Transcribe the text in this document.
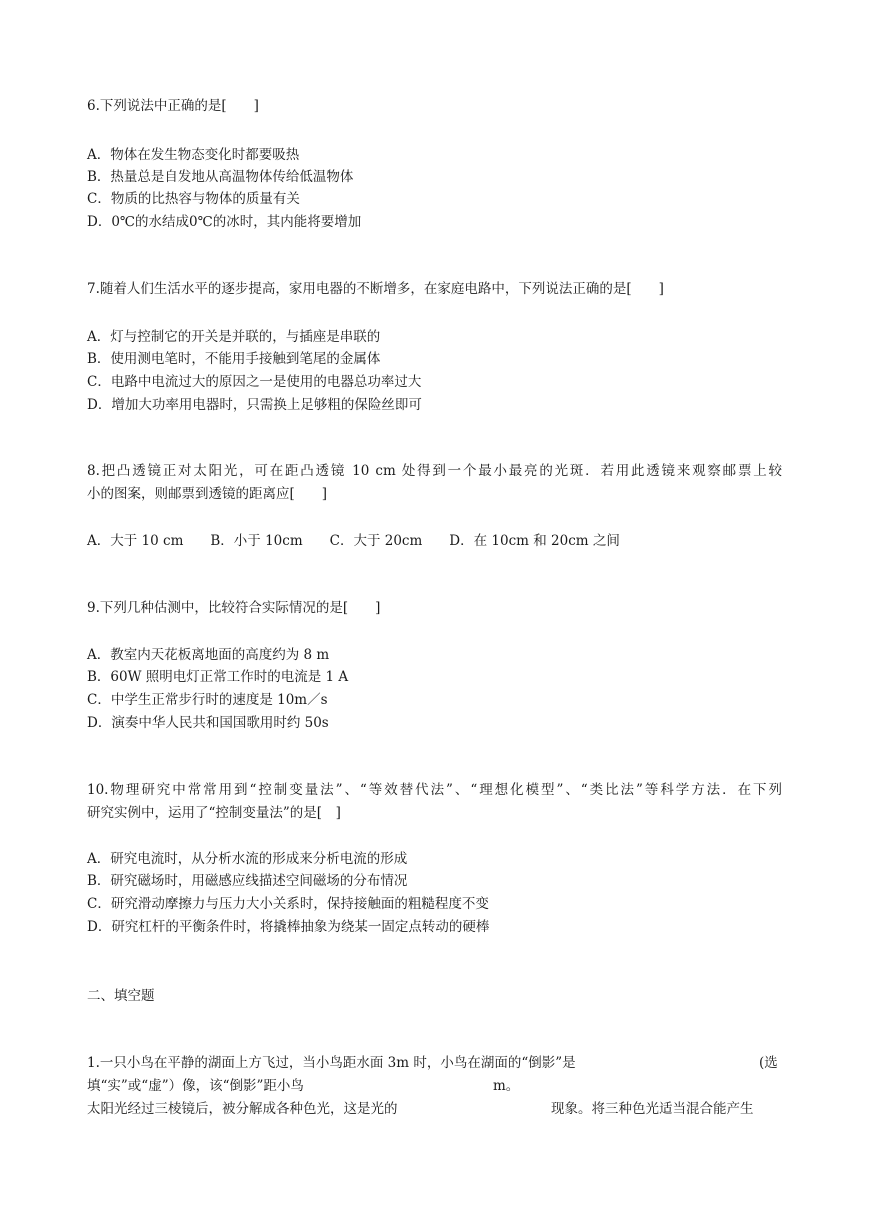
6.下列说法中正确的是[　　]
A．物体在发生物态变化时都要吸热
B．热量总是自发地从高温物体传给低温物体
C．物质的比热容与物体的质量有关
D．0℃的水结成0℃的冰时，其内能将要增加
7.随着人们生活水平的逐步提高，家用电器的不断增多，在家庭电路中，下列说法正确的是[　　]
A．灯与控制它的开关是并联的，与插座是串联的
B．使用测电笔时，不能用手接触到笔尾的金属体
C．电路中电流过大的原因之一是使用的电器总功率过大
D．增加大功率用电器时，只需换上足够粗的保险丝即可
8.把凸透镜正对太阳光，可在距凸透镜 10 cm 处得到一个最小最亮的光斑．若用此透镜来观察邮票上较
小的图案，则邮票到透镜的距离应[　　]
A．大于 10 cm　　B．小于 10cm　　C．大于 20cm　　D．在 10cm 和 20cm 之间
9.下列几种估测中，比较符合实际情况的是[　　]
A．教室内天花板离地面的高度约为 8 m
B．60W 照明电灯正常工作时的电流是 1 A
C．中学生正常步行时的速度是 10m／s
D．演奏中华人民共和国国歌用时约 50s
10.物理研究中常常用到“控制变量法”、“等效替代法”、“理想化模型”、“类比法”等科学方法．在下列
研究实例中，运用了“控制变量法”的是[　]
A．研究电流时，从分析水流的形成来分析电流的形成
B．研究磁场时，用磁感应线描述空间磁场的分布情况
C．研究滑动摩擦力与压力大小关系时，保持接触面的粗糙程度不变
D．研究杠杆的平衡条件时，将撬棒抽象为绕某一固定点转动的硬棒
二、填空题
1.一只小鸟在平静的湖面上方飞过，当小鸟距水面 3m 时，小鸟在湖面的“倒影”是	(选
填“实”或“虚”）像，该“倒影”距小鸟	m。
太阳光经过三棱镜后，被分解成各种色光，这是光的	现象。将三种色光适当混合能产生
